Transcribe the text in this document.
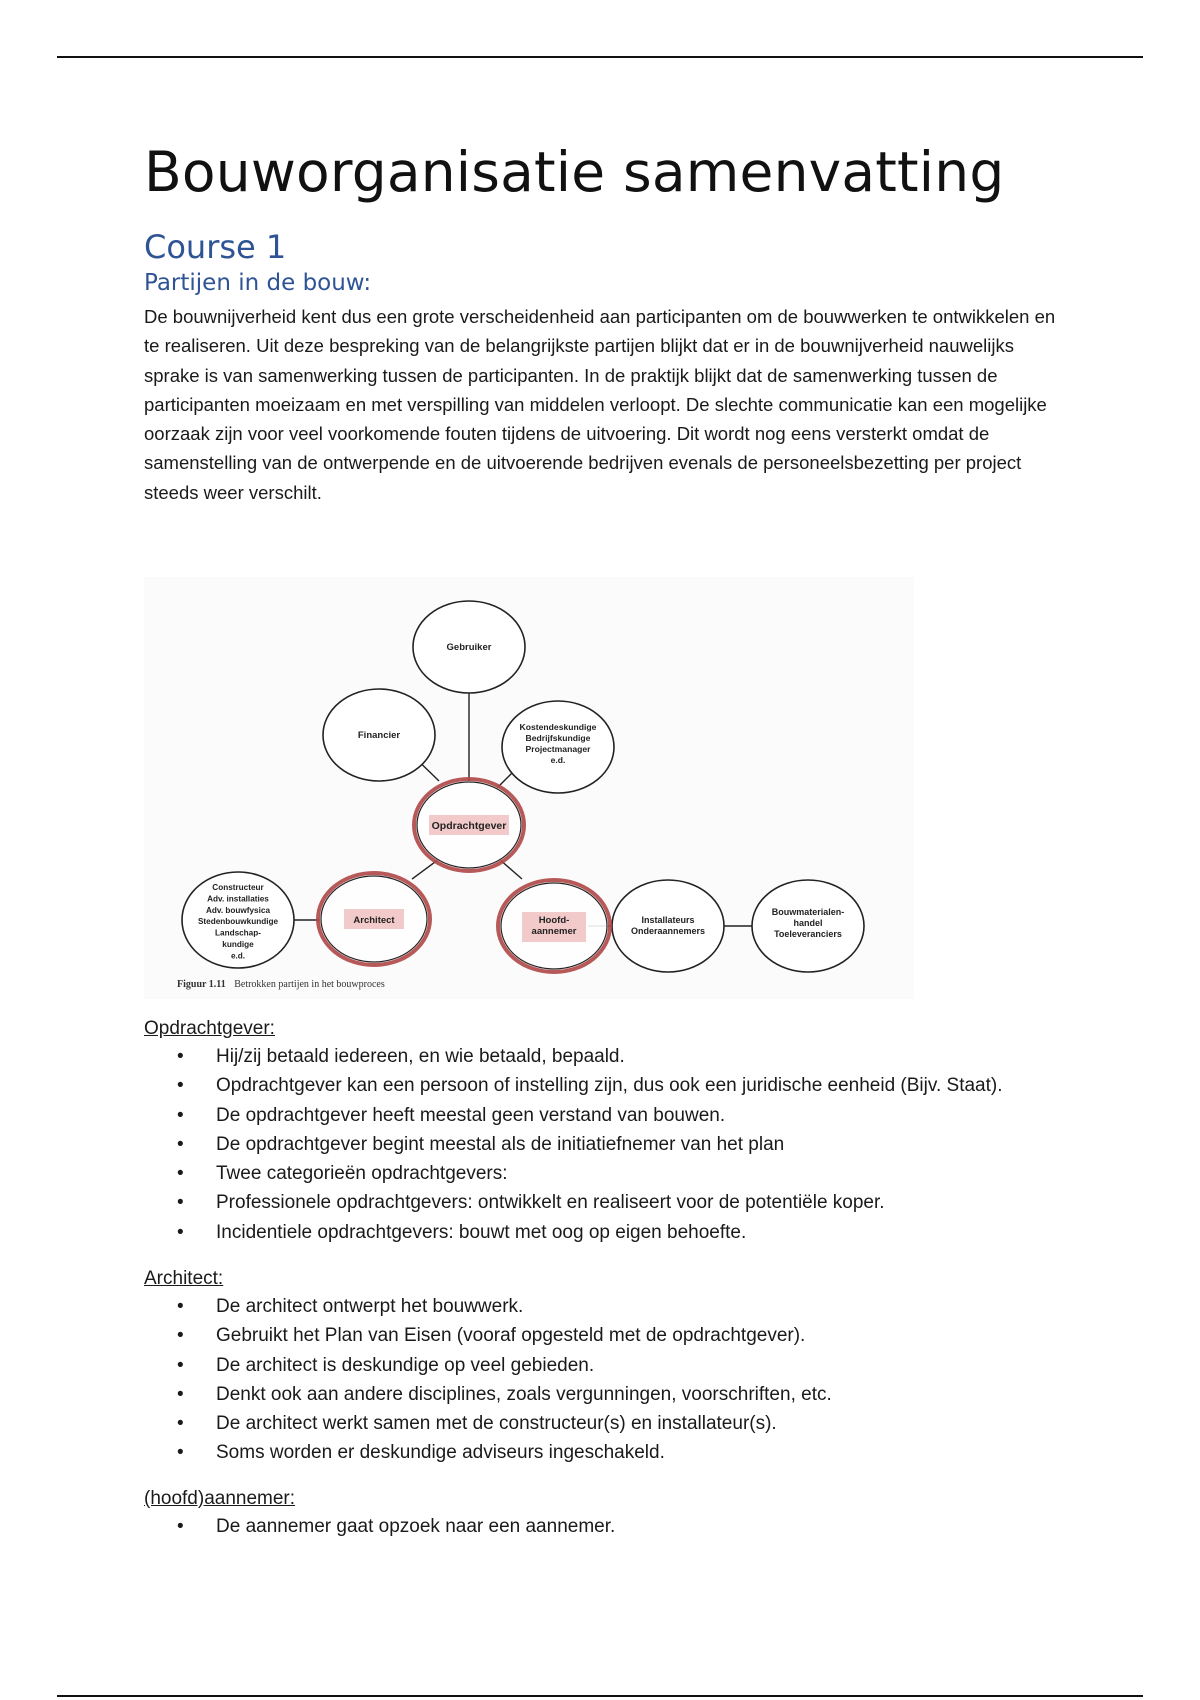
Bouworganisatie samenvatting
Course 1
Partijen in de bouw:

De bouwnijverheid kent dus een grote verscheidenheid aan participanten om de bouwwerken te ontwikkelen en te realiseren. Uit deze bespreking van de belangrijkste partijen blijkt dat er in de bouwnijverheid nauwelijks sprake is van samenwerking tussen de participanten. In de praktijk blijkt dat de samenwerking tussen de participanten moeizaam en met verspilling van middelen verloopt. De slechte communicatie kan een mogelijke oorzaak zijn voor veel voorkomende fouten tijdens de uitvoering. Dit wordt nog eens versterkt omdat de samenstelling van de ontwerpende en de uitvoerende bedrijven evenals de personeelsbezetting per project steeds weer verschilt.

Gebruiker
Financier
Kostendeskundige Bedrijfskundige Projectmanager e.d.
Opdrachtgever
Constructeur Adv. installaties Adv. bouwfysica Stedenbouwkundige Landschap-kundige e.d.
Architect	Hoofd-aannemer
Installateurs Onderaannemers
Bouwmaterialen-handel Toeleveranciers
Figuur 1.11 Betrokken partijen in het bouwproces

Opdrachtgever:

• Hij/zij betaald iedereen, en wie betaald, bepaald.
• Opdrachtgever kan een persoon of instelling zijn, dus ook een juridische eenheid (Bijv. Staat).
• De opdrachtgever heeft meestal geen verstand van bouwen.
• De opdrachtgever begint meestal als de initiatiefnemer van het plan
• Twee categorieën opdrachtgevers:
• Professionele opdrachtgevers: ontwikkelt en realiseert voor de potentiële koper.
• Incidentiele opdrachtgevers: bouwt met oog op eigen behoefte.

Architect:

• De architect ontwerpt het bouwwerk.
• Gebruikt het Plan van Eisen (vooraf opgesteld met de opdrachtgever).
• De architect is deskundige op veel gebieden.
• Denkt ook aan andere disciplines, zoals vergunningen, voorschriften, etc.
• De architect werkt samen met de constructeur(s) en installateur(s).
• Soms worden er deskundige adviseurs ingeschakeld.

(hoofd)aannemer:

• De aannemer gaat opzoek naar een aannemer.
